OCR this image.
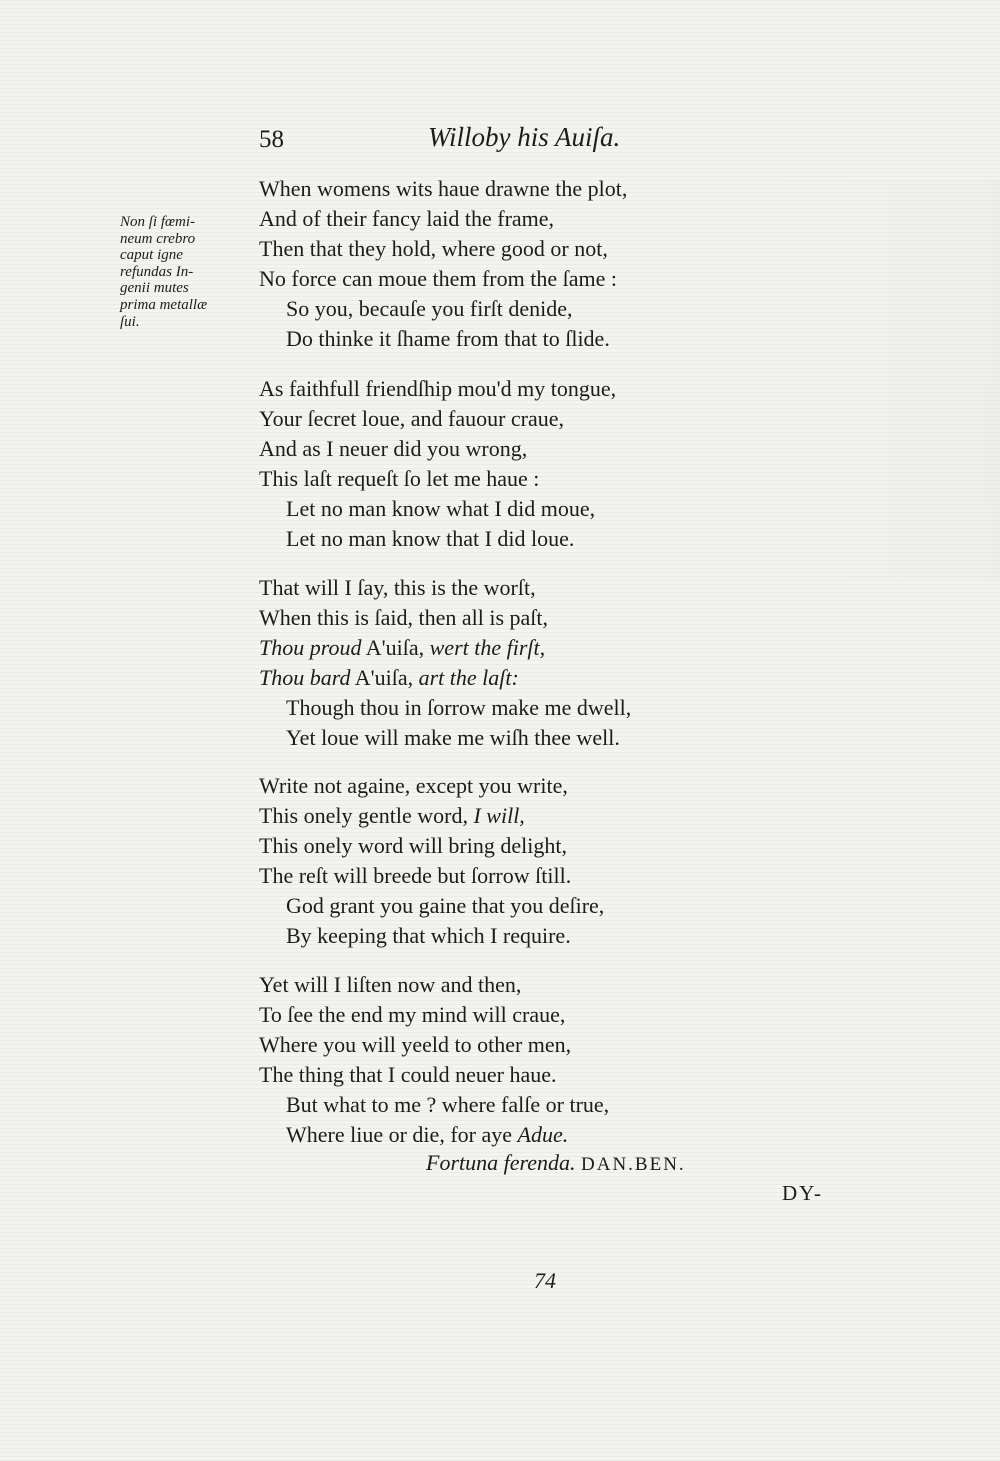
58	Willoby his Auiſa.
Non ſi fœmi-
neum crebro
caput igne
refundas In-
genii mutes
prima metallæ
ſui.
When womens wits haue drawne the plot,
And of their fancy laid the frame,
Then that they hold, where good or not,
No force can moue them from the ſame :
So you, becauſe you firſt denide,
Do thinke it ſhame from that to ſlide.
As faithfull friendſhip mou'd my tongue,
Your ſecret loue, and fauour craue,
And as I neuer did you wrong,
This laſt requeſt ſo let me haue :
Let no man know what I did moue,
Let no man know that I did loue.
That will I ſay, this is the worſt,
When this is ſaid, then all is paſt,
Thou proud A'uiſa, wert the firſt,
Thou bard A'uiſa, art the laſt:
Though thou in ſorrow make me dwell,
Yet loue will make me wiſh thee well.
Write not againe, except you write,
This onely gentle word, I will,
This onely word will bring delight,
The reſt will breede but ſorrow ſtill.
God grant you gaine that you deſire,
By keeping that which I require.
Yet will I liſten now and then,
To ſee the end my mind will craue,
Where you will yeeld to other men,
The thing that I could neuer haue.
But what to me ? where falſe or true,
Where liue or die, for aye Adue.
Fortuna ferenda. DAN.BEN.
DY-
74
